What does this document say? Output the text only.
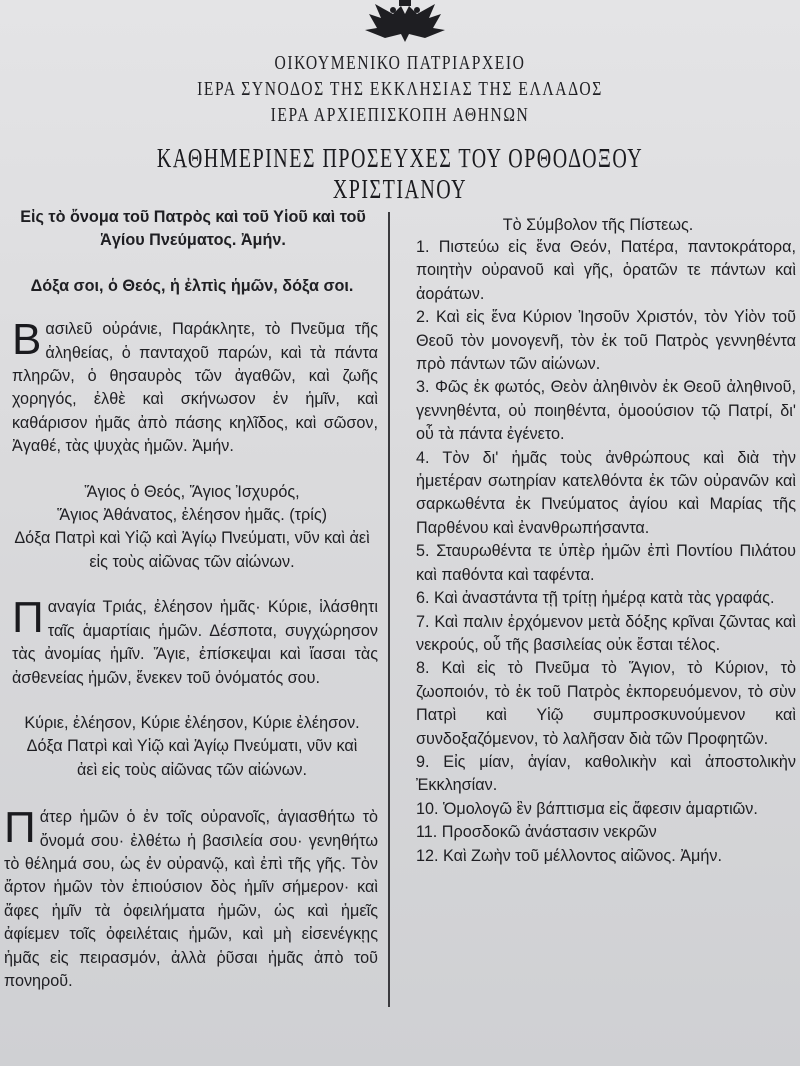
ΟΙΚΟΥΜΕΝΙΚΟ ΠΑΤΡΙΑΡΧΕΙΟ
ΙΕΡΑ ΣΥΝΟΔΟΣ ΤΗΣ ΕΚΚΛΗΣΙΑΣ ΤΗΣ ΕΛΛΑΔΟΣ
ΙΕΡΑ ΑΡΧΙΕΠΙΣΚΟΠΗ ΑΘΗΝΩΝ
ΚΑΘΗΜΕΡΙΝΕΣ ΠΡΟΣΕΥΧΕΣ ΤΟΥ ΟΡΘΟΔΟΞΟΥ ΧΡΙΣΤΙΑΝΟΥ

Εἰς τὸ ὄνομα τοῦ Πατρὸς καὶ τοῦ Υἱοῦ καὶ τοῦ Ἁγίου Πνεύματος. Ἀμήν.

Δόξα σοι, ὁ Θεός, ἡ ἐλπὶς ἡμῶν, δόξα σοι.

Βασιλεῦ οὐράνιε, Παράκλητε, τὸ Πνεῦμα τῆς ἀληθείας, ὁ πανταχοῦ παρών, καὶ τὰ πάντα πληρῶν, ὁ θησαυρὸς τῶν ἀγαθῶν, καὶ ζωῆς χορηγός, ἐλθὲ καὶ σκήνωσον ἐν ἡμῖν, καὶ καθάρισον ἡμᾶς ἀπὸ πάσης κηλῖδος, καὶ σῶσον, Ἀγαθέ, τὰς ψυχὰς ἡμῶν. Ἀμήν.

Ἅγιος ὁ Θεός, Ἅγιος Ἰσχυρός,

Ἅγιος Ἀθάνατος, ἐλέησον ἡμᾶς. (τρίς)

Δόξα Πατρὶ καὶ Υἱῷ καὶ Ἁγίῳ Πνεύματι, νῦν καὶ ἀεὶ εἰς τοὺς αἰῶνας τῶν αἰώνων.

Παναγία Τριάς, ἐλέησον ἡμᾶς· Κύριε, ἱλάσθητι ταῖς ἁμαρτίαις ἡμῶν. Δέσποτα, συγχώρησον τὰς ἀνομίας ἡμῖν. Ἅγιε, ἐπίσκεψαι καὶ ἴασαι τὰς ἀσθενείας ἡμῶν, ἕνεκεν τοῦ ὀνόματός σου.

Κύριε, ἐλέησον, Κύριε ἐλέησον, Κύριε ἐλέησον.

Δόξα Πατρὶ καὶ Υἱῷ καὶ Ἁγίῳ Πνεύματι, νῦν καὶ ἀεὶ εἰς τοὺς αἰῶνας τῶν αἰώνων.

Πάτερ ἡμῶν ὁ ἐν τοῖς οὐρανοῖς, ἁγιασθήτω τὸ ὄνομά σου· ἐλθέτω ἡ βασιλεία σου· γενηθήτω τὸ θέλημά σου, ὡς ἐν οὐρανῷ, καὶ ἐπὶ τῆς γῆς. Τὸν ἄρτον ἡμῶν τὸν ἐπιούσιον δὸς ἡμῖν σήμερον· καὶ ἄφες ἡμῖν τὰ ὀφειλήματα ἡμῶν, ὡς καὶ ἡμεῖς ἀφίεμεν τοῖς ὀφειλέταις ἡμῶν, καὶ μὴ εἰσενέγκῃς ἡμᾶς εἰς πειρασμόν, ἀλλὰ ῥῦσαι ἡμᾶς ἀπὸ τοῦ πονηροῦ.

Τὸ Σύμβολον τῆς Πίστεως.

1. Πιστεύω εἰς ἕνα Θεόν, Πατέρα, παντοκράτορα, ποιητὴν οὐρανοῦ καὶ γῆς, ὁρατῶν τε πάντων καὶ ἀοράτων.

2. Καὶ εἰς ἕνα Κύριον Ἰησοῦν Χριστόν, τὸν Υἱὸν τοῦ Θεοῦ τὸν μονογενῆ, τὸν ἐκ τοῦ Πατρὸς γεννηθέντα πρὸ πάντων τῶν αἰώνων.

3. Φῶς ἐκ φωτός, Θεὸν ἀληθινὸν ἐκ Θεοῦ ἀληθινοῦ, γεννηθέντα, οὐ ποιηθέντα, ὁμοούσιον τῷ Πατρί, δι' οὗ τὰ πάντα ἐγένετο.

4. Τὸν δι' ἡμᾶς τοὺς ἀνθρώπους καὶ διὰ τὴν ἡμετέραν σωτηρίαν κατελθόντα ἐκ τῶν οὐρανῶν καὶ σαρκωθέντα ἐκ Πνεύματος ἁγίου καὶ Μαρίας τῆς Παρθένου καὶ ἐνανθρωπήσαντα.

5. Σταυρωθέντα τε ὑπὲρ ἡμῶν ἐπὶ Ποντίου Πιλάτου καὶ παθόντα καὶ ταφέντα.

6. Καὶ ἀναστάντα τῇ τρίτῃ ἡμέρᾳ κατὰ τὰς γραφάς.

7. Καὶ παλιν ἐρχόμενον μετὰ δόξης κρῖναι ζῶντας καὶ νεκρούς, οὗ τῆς βασιλείας οὐκ ἔσται τέλος.

8. Καὶ εἰς τὸ Πνεῦμα τὸ Ἅγιον, τὸ Κύριον, τὸ ζωοποιόν, τὸ ἐκ τοῦ Πατρὸς ἐκπορευόμενον, τὸ σὺν Πατρὶ καὶ Υἱῷ συμπροσκυνούμενον καὶ συνδοξαζόμενον, τὸ λαλῆσαν διὰ τῶν Προφητῶν.

9. Εἰς μίαν, ἁγίαν, καθολικὴν καὶ ἀποστολικὴν Ἐκκλησίαν.

10. Ὁμολογῶ ἓν βάπτισμα εἰς ἄφεσιν ἁμαρτιῶν.

11. Προσδοκῶ ἀνάστασιν νεκρῶν

12. Καὶ Ζωὴν τοῦ μέλλοντος αἰῶνος. Ἀμήν.
